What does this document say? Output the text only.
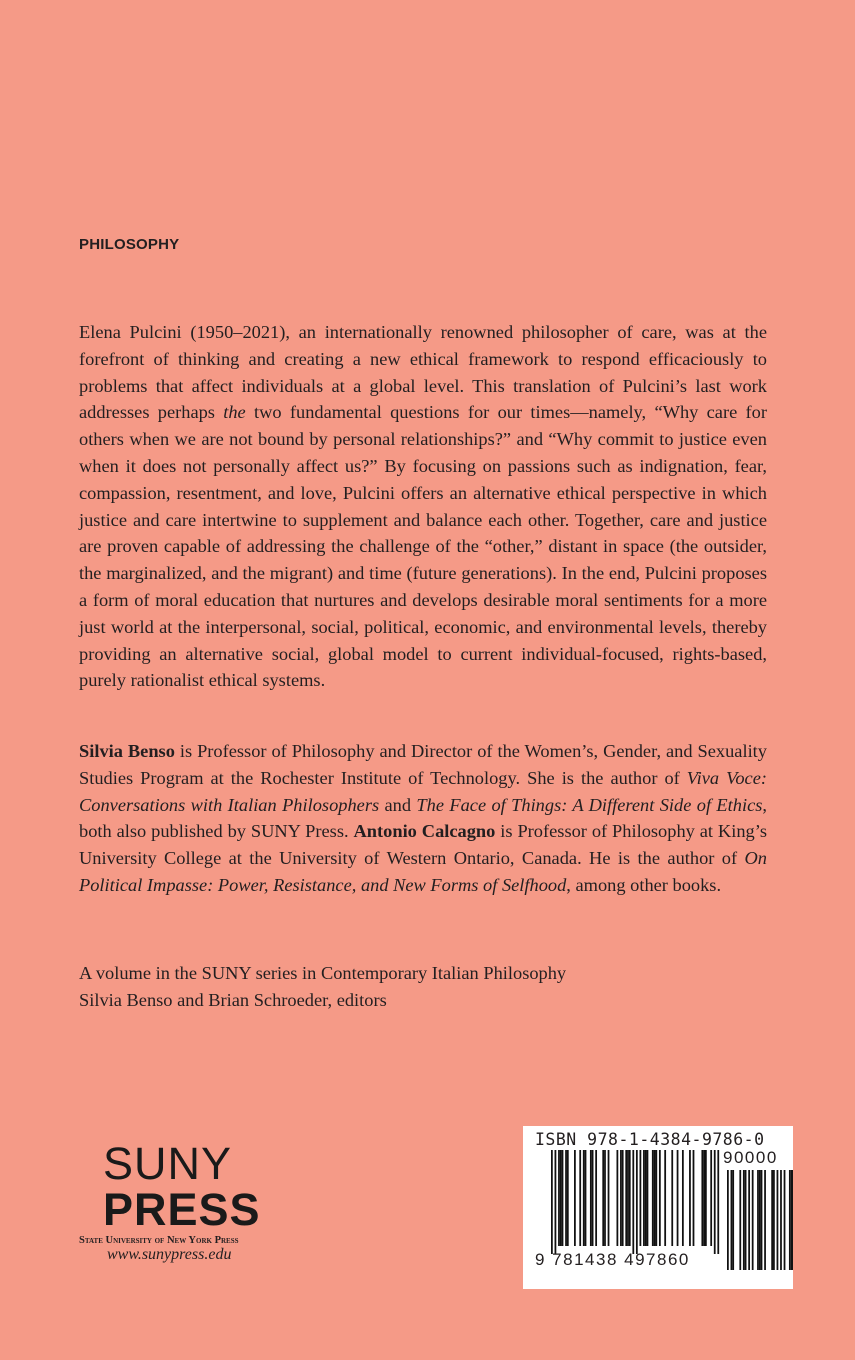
PHILOSOPHY

Elena Pulcini (1950–2021), an internationally renowned philosopher of care, was at the forefront of thinking and creating a new ethical framework to respond efficaciously to problems that affect individuals at a global level. This translation of Pulcini’s last work addresses perhaps the two fundamental questions for our times—namely, “Why care for others when we are not bound by personal relationships?” and “Why commit to justice even when it does not personally affect us?” By focusing on passions such as indignation, fear, compassion, resentment, and love, Pulcini offers an alternative ethical perspective in which justice and care intertwine to supplement and balance each other. Together, care and justice are proven capable of addressing the challenge of the “other,” distant in space (the outsider, the marginalized, and the migrant) and time (future generations). In the end, Pulcini proposes a form of moral education that nurtures and develops desirable moral sentiments for a more just world at the interpersonal, social, political, economic, and environmental levels, thereby providing an alternative social, global model to current individual-focused, rights-based, purely rationalist ethical systems.

Silvia Benso is Professor of Philosophy and Director of the Women’s, Gender, and Sexuality Studies Program at the Rochester Institute of Technology. She is the author of Viva Voce: Conversations with Italian Philosophers and The Face of Things: A Different Side of Ethics, both also published by SUNY Press. Antonio Calcagno is Professor of Philosophy at King’s University College at the University of Western Ontario, Canada. He is the author of On Political Impasse: Power, Resistance, and New Forms of Selfhood, among other books.

A volume in the SUNY series in Contemporary Italian Philosophy
Silvia Benso and Brian Schroeder, editors
SUNY
PRESS
State University of New York Press
www.sunypress.edu
ISBN 978-1-4384-9786-0
9 781438 497860
90000
